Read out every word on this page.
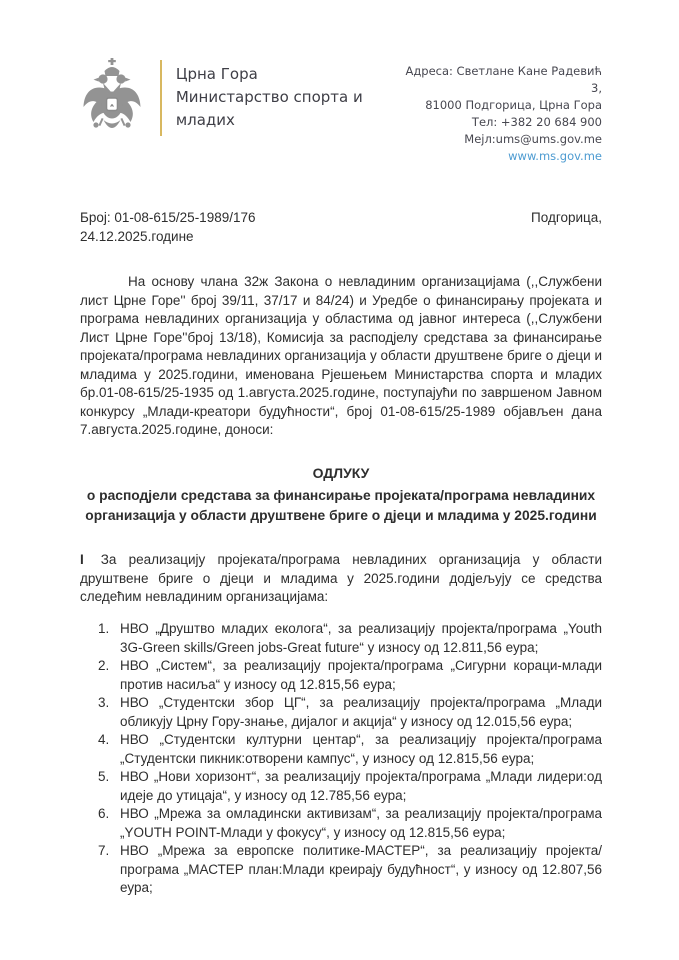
Црна Гора
Министарство спорта и младих
Адреса: Светлане Кане Радевић 3,
81000 Подгорица, Црна Гора
Тел: +382 20 684 900
Мејл:ums@ums.gov.me
www.ms.gov.me
Број: 01-08-615/25-1989/176	Подгорица,
24.12.2025.године

На основу члана 32ж Закона о невладиним организацијама (,,Службени лист Црне Горе'' број 39/11, 37/17 и 84/24) и Уредбе о финансирању пројеката и програма невладиних организација у областима од јавног интереса (,,Службени Лист Црне Горе''број 13/18), Комисија за расподјелу средстава за финансирање пројеката/програма невладиних организација у области друштвене бриге о дјеци и младима у 2025.години, именована Рјешењем Министарства спорта и младих бр.01-08-615/25-1935 од 1.августа.2025.године, поступајући по завршеном Јавном конкурсу „Млади-креатори будућности“, број 01-08-615/25-1989 објављен дана 7.августа.2025.године, доноси:

ОДЛУКУ
о расподјели средстава за финансирање пројеката/програма невладиних организација у области друштвене бриге о дјеци и младима у 2025.години

I За реализацију пројеката/програма невладиних организација у области друштвене бриге о дјеци и младима у 2025.години додјељују се средства следећим невладиним организацијама:

1. НВО „Друштво младих еколога“, за реализацију пројекта/програма „Youth 3G-Green skills/Green jobs-Great future“ у износу од 12.811,56 еура;
2. НВО „Систем“, за реализацију пројекта/програма „Сигурни кораци-млади против насиља“ у износу од 12.815,56 еура;
3. НВО „Студентски збор ЦГ“, за реализацију пројекта/програма „Млади обликују Црну Гору-знање, дијалог и акција“ у износу од 12.015,56 еура;
4. НВО „Студентски културни центар“, за реализацију пројекта/програма „Студентски пикник:отворени кампус“, у износу од 12.815,56 еура;
5. НВО „Нови хоризонт“, за реализацију пројекта/програма „Млади лидери:од идеје до утицаја“, у износу од 12.785,56 еура;
6. НВО „Мрежа за омладински активизам“, за реализацију пројекта/програма „YOUTH POINT-Млади у фокусу“, у износу од 12.815,56 еура;
7. НВО „Мрежа за европске политике-МАСТЕР“, за реализацију пројекта/програма „МАСТЕР план:Млади креирају будућност“, у износу од 12.807,56 еура;
